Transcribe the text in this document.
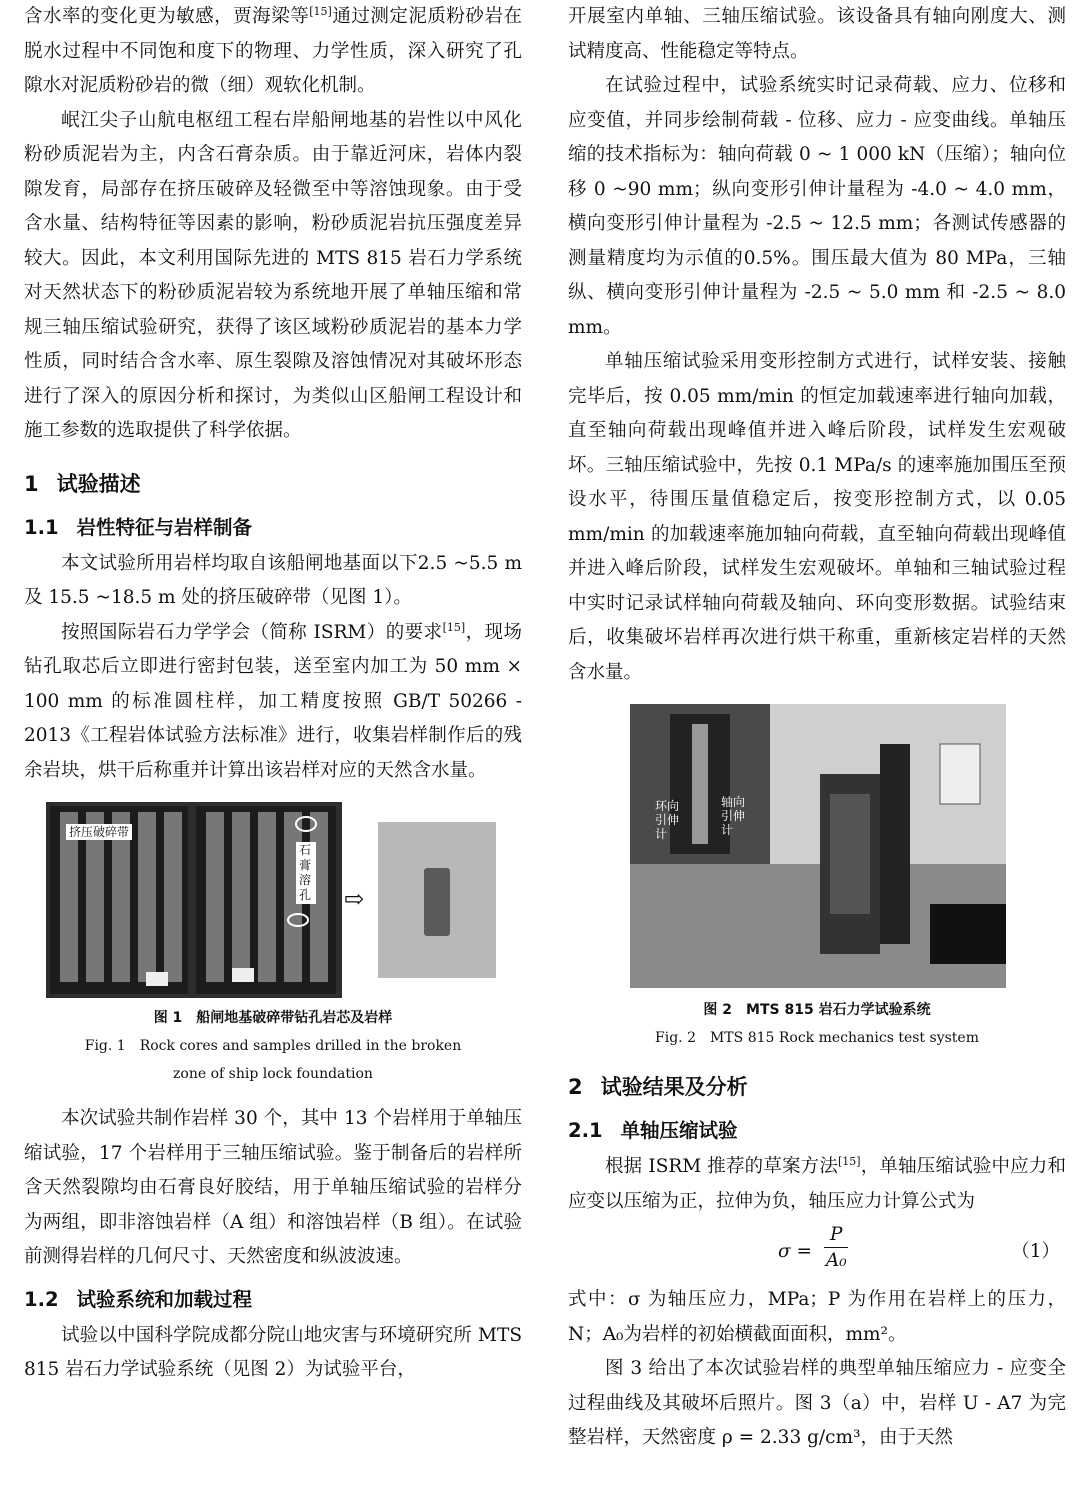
含水率的变化更为敏感，贾海梁等[15]通过测定泥质粉砂岩在脱水过程中不同饱和度下的物理、力学性质，深入研究了孔隙水对泥质粉砂岩的微（细）观软化机制。

岷江尖子山航电枢纽工程右岸船闸地基的岩性以中风化粉砂质泥岩为主，内含石膏杂质。由于靠近河床，岩体内裂隙发育，局部存在挤压破碎及轻微至中等溶蚀现象。由于受含水量、结构特征等因素的影响，粉砂质泥岩抗压强度差异较大。因此，本文利用国际先进的 MTS 815 岩石力学系统对天然状态下的粉砂质泥岩较为系统地开展了单轴压缩和常规三轴压缩试验研究，获得了该区域粉砂质泥岩的基本力学性质，同时结合含水率、原生裂隙及溶蚀情况对其破坏形态进行了深入的原因分析和探讨，为类似山区船闸工程设计和施工参数的选取提供了科学依据。

1 试验描述
1.1 岩性特征与岩样制备

本文试验所用岩样均取自该船闸地基面以下2.5 ~5.5 m 及 15.5 ~18.5 m 处的挤压破碎带（见图 1）。

按照国际岩石力学学会（简称 ISRM）的要求[15]，现场钻孔取芯后立即进行密封包装，送至室内加工为 50 mm × 100 mm 的标准圆柱样，加工精度按照 GB/T 50266 - 2013《工程岩体试验方法标准》进行，收集岩样制作后的残余岩块，烘干后称重并计算出该岩样对应的天然含水量。

挤压破碎带
石膏溶孔 ⇨
图 1　船闸地基破碎带钻孔岩芯及岩样
Fig. 1　Rock cores and samples drilled in the broken
zone of ship lock foundation

本次试验共制作岩样 30 个，其中 13 个岩样用于单轴压缩试验，17 个岩样用于三轴压缩试验。鉴于制备后的岩样所含天然裂隙均由石膏良好胶结，用于单轴压缩试验的岩样分为两组，即非溶蚀岩样（A 组）和溶蚀岩样（B 组）。在试验前测得岩样的几何尺寸、天然密度和纵波波速。

1.2 试验系统和加载过程

试验以中国科学院成都分院山地灾害与环境研究所 MTS 815 岩石力学试验系统（见图 2）为试验平台，

开展室内单轴、三轴压缩试验。该设备具有轴向刚度大、测试精度高、性能稳定等特点。

在试验过程中，试验系统实时记录荷载、应力、位移和应变值，并同步绘制荷载 - 位移、应力 - 应变曲线。单轴压缩的技术指标为：轴向荷载 0 ~ 1 000 kN（压缩）；轴向位移 0 ~90 mm；纵向变形引伸计量程为 -4.0 ~ 4.0 mm，横向变形引伸计量程为 -2.5 ~ 12.5 mm；各测试传感器的测量精度均为示值的0.5%。围压最大值为 80 MPa，三轴纵、横向变形引伸计量程为 -2.5 ~ 5.0 mm 和 -2.5 ~ 8.0 mm。

单轴压缩试验采用变形控制方式进行，试样安装、接触完毕后，按 0.05 mm/min 的恒定加载速率进行轴向加载，直至轴向荷载出现峰值并进入峰后阶段，试样发生宏观破坏。三轴压缩试验中，先按 0.1 MPa/s 的速率施加围压至预设水平，待围压量值稳定后，按变形控制方式，以 0.05 mm/min 的加载速率施加轴向荷载，直至轴向荷载出现峰值并进入峰后阶段，试样发生宏观破坏。单轴和三轴试验过程中实时记录试样轴向荷载及轴向、环向变形数据。试验结束后，收集破坏岩样再次进行烘干称重，重新核定岩样的天然含水量。

环向引伸计
轴向引伸计
图 2　MTS 815 岩石力学试验系统
Fig. 2　MTS 815 Rock mechanics test system
2 试验结果及分析
2.1 单轴压缩试验

根据 ISRM 推荐的草案方法[15]，单轴压缩试验中应力和应变以压缩为正，拉伸为负，轴压应力计算公式为

$\sigma = \frac{P}{\text{A₀}}$	（1）

式中：σ 为轴压应力，MPa；P 为作用在岩样上的压力，N；A₀为岩样的初始横截面面积，mm²。

图 3 给出了本次试验岩样的典型单轴压缩应力 - 应变全过程曲线及其破坏后照片。图 3（a）中，岩样 U - A7 为完整岩样，天然密度 ρ = 2.33 g/cm³，由于天然
